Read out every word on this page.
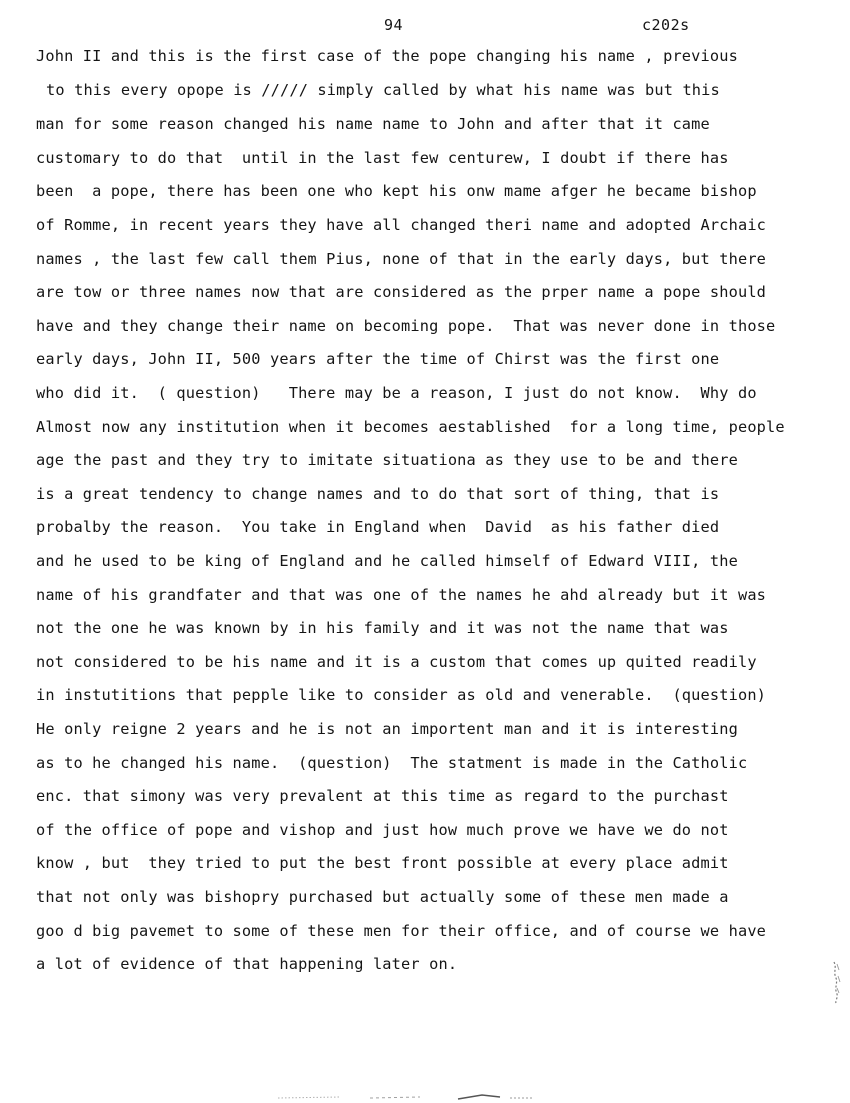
94	c202s
John II and this is the first case of the pope changing his name , previous
to this every opope is ///// simply called by what his name was but this
man for some reason changed his name name to John and after that it came
customary to do that  until in the last few centurew, I doubt if there has
been  a pope, there has been one who kept his onw mame afger he became bishop
of Romme, in recent years they have all changed theri name and adopted Archaic
names , the last few call them Pius, none of that in the early days, but there
are tow or three names now that are considered as the prper name a pope should
have and they change their name on becoming pope.  That was never done in those
early days, John II, 500 years after the time of Chirst was the first one
who did it.  ( question)   There may be a reason, I just do not know.  Why do
Almost now any institution when it becomes aestablished  for a long time, people
age the past and they try to imitate situationa as they use to be and there
is a great tendency to change names and to do that sort of thing, that is
probalby the reason.  You take in England when  David  as his father died
and he used to be king of England and he called himself of Edward VIII, the
name of his grandfater and that was one of the names he ahd already but it was
not the one he was known by in his family and it was not the name that was
not considered to be his name and it is a custom that comes up quited readily
in instutitions that pepple like to consider as old and venerable.  (question)
He only reigne 2 years and he is not an importent man and it is interesting
as to he changed his name.  (question)  The statment is made in the Catholic
enc. that simony was very prevalent at this time as regard to the purchast
of the office of pope and vishop and just how much prove we have we do not
know , but  they tried to put the best front possible at every place admit
that not only was bishopry purchased but actually some of these men made a
goo d big pavemet to some of these men for their office, and of course we have
a lot of evidence of that happening later on.
